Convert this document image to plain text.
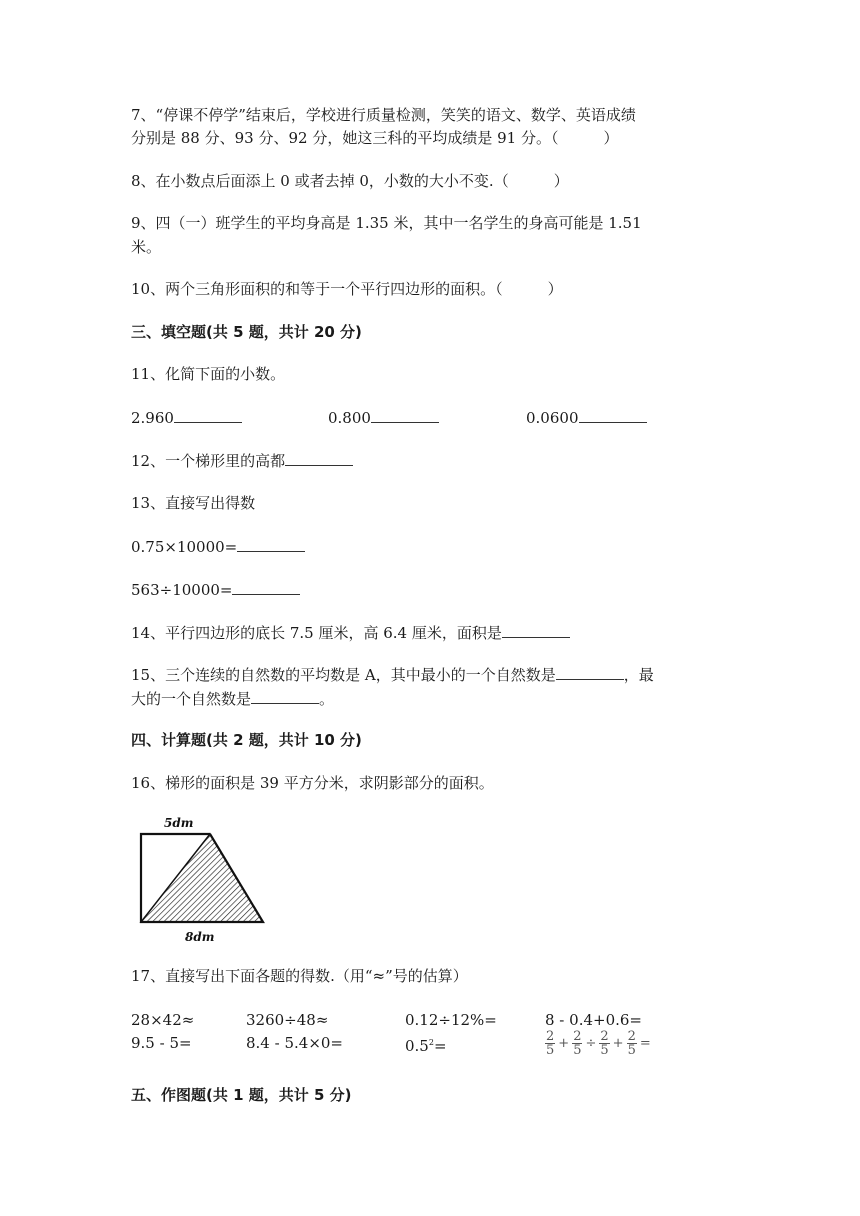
7、“停课不停学”结束后，学校进行质量检测，笑笑的语文、数学、英语成绩
分别是 88 分、93 分、92 分，她这三科的平均成绩是 91 分。（　　　）
8、在小数点后面添上 0 或者去掉 0，小数的大小不变.（　　　）
9、四（一）班学生的平均身高是 1.35 米，其中一名学生的身高可能是 1.51
米。
10、两个三角形面积的和等于一个平行四边形的面积。（　　　）
三、填空题(共 5 题，共计 20 分)
11、化简下面的小数。
2.960	0.800	0.0600
12、一个梯形里的高都
13、直接写出得数
0.75×10000=
563÷10000=
14、平行四边形的底长 7.5 厘米，高 6.4 厘米，面积是
15、三个连续的自然数的平均数是 A，其中最小的一个自然数是	，最
大的一个自然数是	。
四、计算题(共 2 题，共计 10 分)
16、梯形的面积是 39 平方分米，求阴影部分的面积。
5dm
8dm
17、直接写出下面各题的得数.（用“≈”号的估算）
28×42≈	3260÷48≈	0.12÷12%=	8 - 0.4+0.6=
9.5 - 5=	8.4 - 5.4×0=	$0.5^2=$	$\frac{2}{5} + \frac{2}{5} \div \frac{2}{5} + \frac{2}{5}$ =
五、作图题(共 1 题，共计 5 分)
